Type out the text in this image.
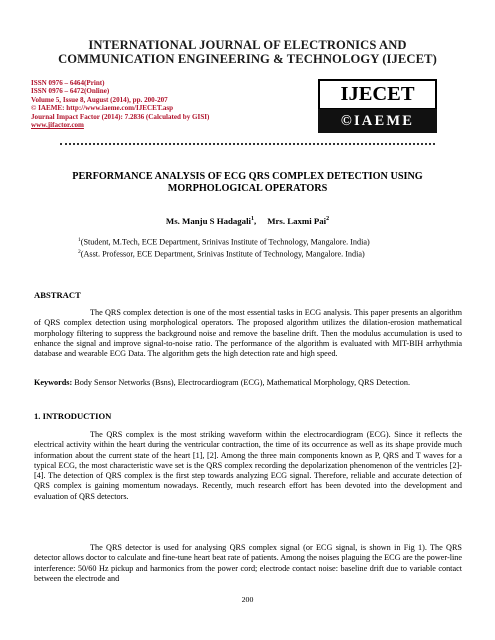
INTERNATIONAL JOURNAL OF ELECTRONICS AND
COMMUNICATION ENGINEERING & TECHNOLOGY (IJECET)
ISSN 0976 – 6464(Print)
ISSN 0976 – 6472(Online)
Volume 5, Issue 8, August (2014), pp. 200-207
© IAEME: http://www.iaeme.com/IJECET.asp
Journal Impact Factor (2014): 7.2836 (Calculated by GISI)
www.jifactor.com
IJECET
©IAEME
PERFORMANCE ANALYSIS OF ECG QRS COMPLEX DETECTION USING
MORPHOLOGICAL OPERATORS
Ms. Manju S Hadagali$^1$,     Mrs. Laxmi Pai$^2$
$^1$(Student, M.Tech, ECE Department, Srinivas Institute of Technology, Mangalore. India)
$^2$(Asst. Professor, ECE Department, Srinivas Institute of Technology, Mangalore. India)
ABSTRACT
The QRS complex detection is one of the most essential tasks in ECG analysis. This paper presents an algorithm of QRS complex detection using morphological operators. The proposed algorithm utilizes the dilation-erosion mathematical morphology filtering to suppress the background noise and remove the baseline drift. Then the modulus accumulation is used to enhance the signal and improve signal-to-noise ratio. The performance of the algorithm is evaluated with MIT-BIH arrhythmia database and wearable ECG Data. The algorithm gets the high detection rate and high speed.
Keywords: Body Sensor Networks (Bsns), Electrocardiogram (ECG), Mathematical Morphology, QRS Detection.
1. INTRODUCTION
The QRS complex is the most striking waveform within the electrocardiogram (ECG). Since it reflects the electrical activity within the heart during the ventricular contraction, the time of its occurrence as well as its shape provide much information about the current state of the heart [1], [2]. Among the three main components known as P, QRS and T waves for a typical ECG, the most characteristic wave set is the QRS complex recording the depolarization phenomenon of the ventricles [2]-[4]. The detection of QRS complex is the first step towards analyzing ECG signal. Therefore, reliable and accurate detection of QRS complex is gaining momentum nowadays. Recently, much research effort has been devoted into the development and evaluation of QRS detectors.
The QRS detector is used for analysing QRS complex signal (or ECG signal, is shown in Fig 1). The QRS detector allows doctor to calculate and fine-tune heart beat rate of patients. Among the noises plaguing the ECG are the power-line interference: 50/60 Hz pickup and harmonics from the power cord; electrode contact noise: baseline drift due to variable contact between the electrode and
200
